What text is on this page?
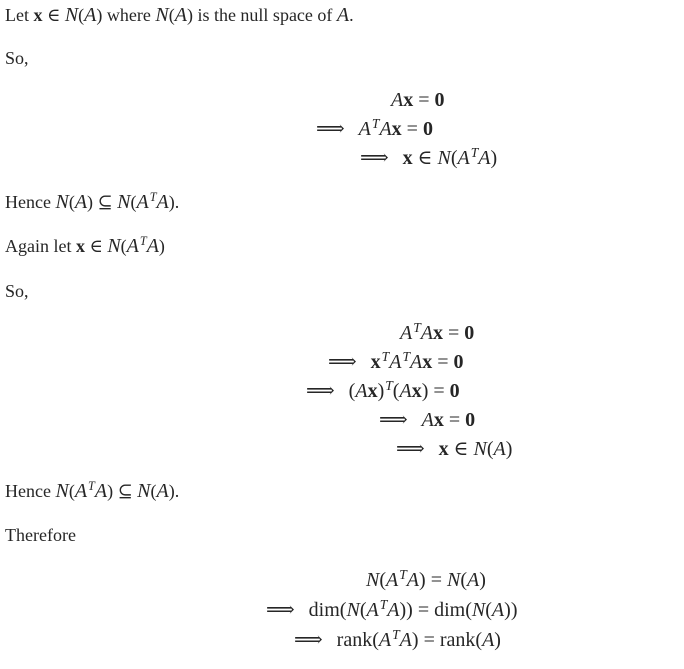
Let x ∈ N(A) where N(A) is the null space of A.
So,
Ax = 0
⟹ $A^TAx = 0$
⟹ x ∈ $N(A^TA)$
Hence N(A) ⊆ $N(A^TA)$.
Again let x ∈ $N(A^TA)$
So,
$A^TAx = 0$
⟹ $x^TA^TAx = 0$
⟹ $(Ax)^T(Ax) = 0$
⟹ Ax = 0
⟹ x ∈ N(A)
Hence $N(A^TA)$ ⊆ N(A).
Therefore
$N(A^TA) = N(A)$
⟹ $dim(N(A^TA)) = dim(N(A))$
⟹ $rank(A^TA)$ = rank(A)
